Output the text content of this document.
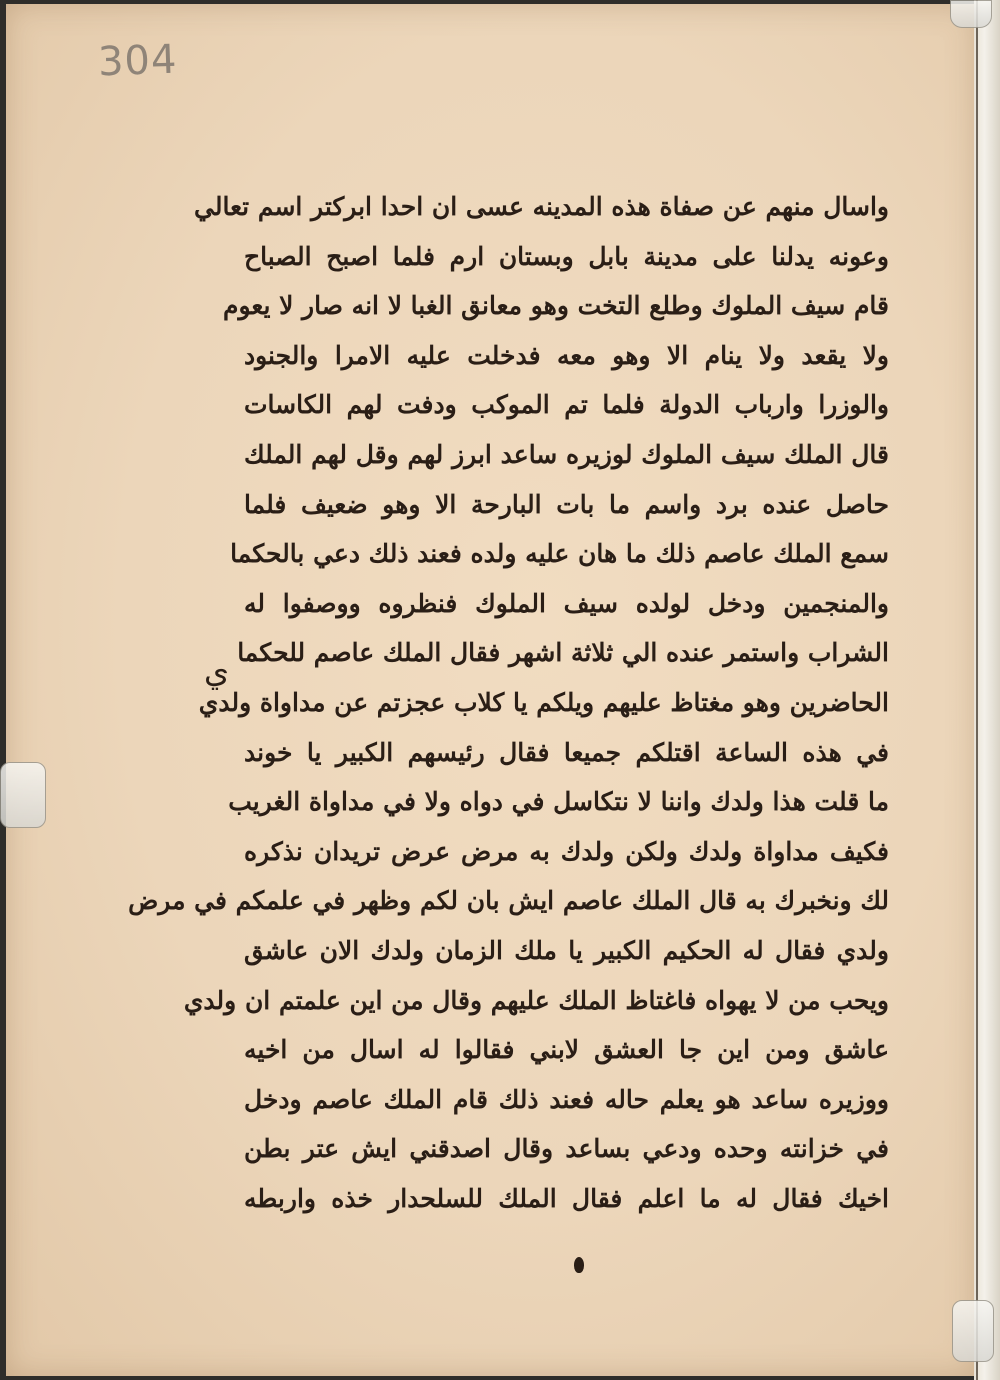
304
ي
واسال منهم عن صفاة هذه المدينه عسى ان احدا ابركتر اسم تعالي
وعونه يدلنا على مدينة بابل وبستان ارم فلما اصبح الصباح
قام سيف الملوك وطلع التخت وهو معانق الغبا لا انه صار لا يعوم
ولا يقعد ولا ينام الا وهو معه فدخلت عليه الامرا والجنود
والوزرا وارباب الدولة فلما تم الموكب ودفت لهم الكاسات
قال الملك سيف الملوك لوزيره ساعد ابرز لهم وقل لهم الملك
حاصل عنده برد واسم ما بات البارحة الا وهو ضعيف فلما
سمع الملك عاصم ذلك ما هان عليه ولده فعند ذلك دعي بالحكما
والمنجمين ودخل لولده سيف الملوك فنظروه ووصفوا له
الشراب واستمر عنده الي ثلاثة اشهر فقال الملك عاصم للحكما
الحاضرين وهو مغتاظ عليهم ويلكم يا كلاب عجزتم عن مداواة ولدي
في هذه الساعة اقتلكم جميعا فقال رئيسهم الكبير يا خوند
ما قلت هذا ولدك واننا لا نتكاسل في دواه ولا في مداواة الغريب
فكيف مداواة ولدك ولكن ولدك به مرض عرض تريدان نذكره
لك ونخبرك به قال الملك عاصم ايش بان لكم وظهر في علمكم في مرض
ولدي فقال له الحكيم الكبير يا ملك الزمان ولدك الان عاشق
ويحب من لا يهواه فاغتاظ الملك عليهم وقال من اين علمتم ان ولدي
عاشق ومن اين جا العشق لابني فقالوا له اسال من اخيه
ووزيره ساعد هو يعلم حاله فعند ذلك قام الملك عاصم ودخل
في خزانته وحده ودعي بساعد وقال اصدقني ايش عتر بطن
اخيك فقال له ما اعلم فقال الملك للسلحدار خذه واربطه
